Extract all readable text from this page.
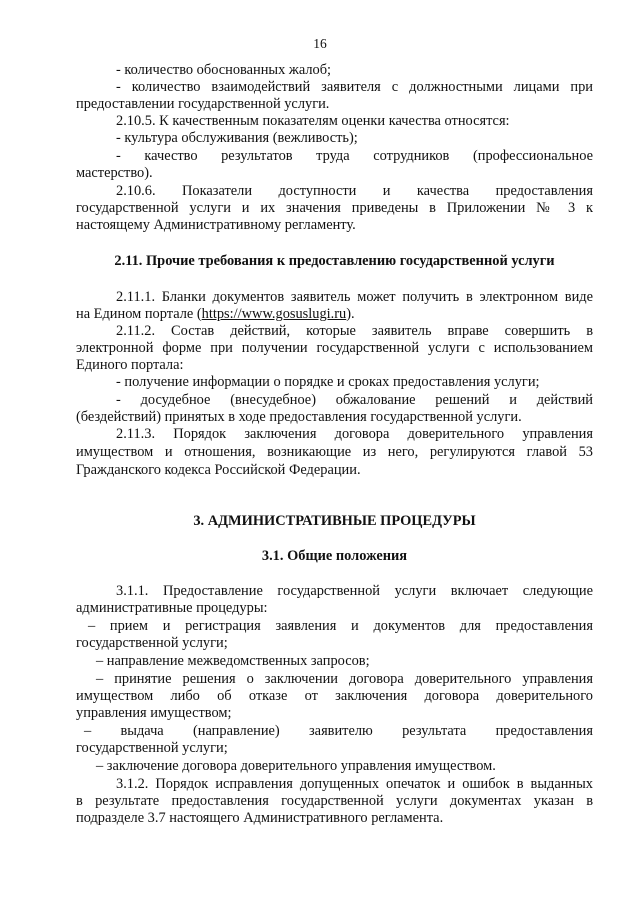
16
- количество обоснованных жалоб;
- количество взаимодействий заявителя с должностными лицами при
предоставлении государственной услуги.
2.10.5. К качественным показателям оценки качества относятся:
- культура обслуживания (вежливость);
- качество результатов труда сотрудников (профессиональное
мастерство).
2.10.6. Показатели доступности и качества предоставления
государственной услуги и их значения приведены в Приложении № 3 к
настоящему Административному регламенту.
2.11. Прочие требования к предоставлению государственной услуги
2.11.1. Бланки документов заявитель может получить в электронном виде
на Едином портале (https://www.gosuslugi.ru).
2.11.2. Состав действий, которые заявитель вправе совершить в
электронной форме при получении государственной услуги с использованием
Единого портала:
- получение информации о порядке и сроках предоставления услуги;
- досудебное (внесудебное) обжалование решений и действий
(бездействий) принятых в ходе предоставления государственной услуги.
2.11.3. Порядок заключения договора доверительного управления
имуществом и отношения, возникающие из него, регулируются главой 53
Гражданского кодекса Российской Федерации.
3. АДМИНИСТРАТИВНЫЕ ПРОЦЕДУРЫ
3.1. Общие положения
3.1.1. Предоставление государственной услуги включает следующие
административные процедуры:
– прием и регистрация заявления и документов для предоставления
государственной услуги;
– направление межведомственных запросов;
– принятие решения о заключении договора доверительного управления
имуществом либо об отказе от заключения договора доверительного
управления имуществом;
– выдача (направление) заявителю результата предоставления
государственной услуги;
– заключение договора доверительного управления имуществом.
3.1.2. Порядок исправления допущенных опечаток и ошибок в выданных
в результате предоставления государственной услуги документах указан в
подразделе 3.7 настоящего Административного регламента.
